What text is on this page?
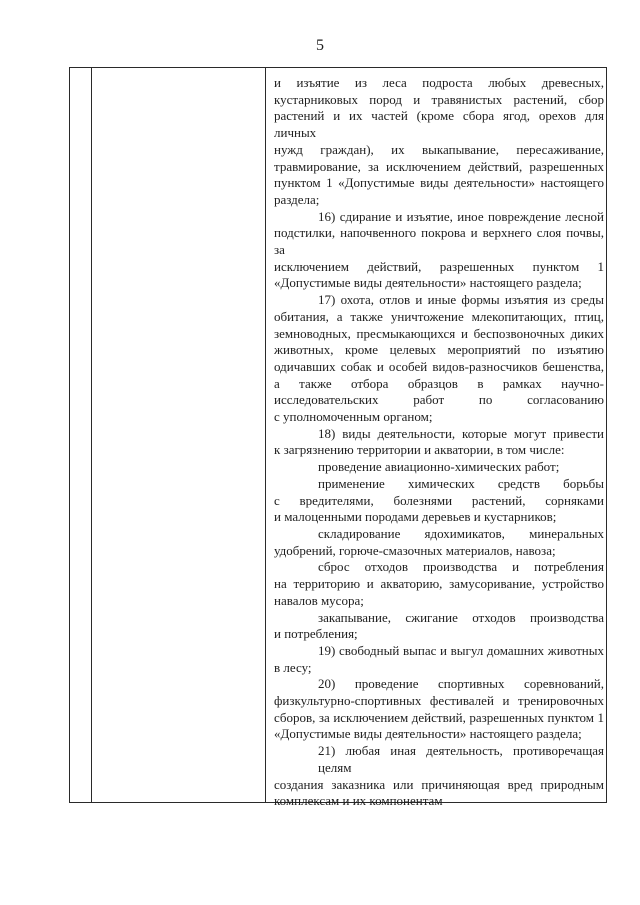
5
и изъятие из леса подроста любых древесных,
кустарниковых пород и травянистых растений, сбор
растений и их частей (кроме сбора ягод, орехов для личных
нужд граждан), их выкапывание, пересаживание,
травмирование, за исключением действий, разрешенных
пунктом 1 «Допустимые виды деятельности» настоящего
раздела;
16) сдирание и изъятие, иное повреждение лесной
подстилки, напочвенного покрова и верхнего слоя почвы, за
исключением действий, разрешенных пунктом 1
«Допустимые виды деятельности» настоящего раздела;
17) охота, отлов и иные формы изъятия из среды
обитания, а также уничтожение млекопитающих, птиц,
земноводных, пресмыкающихся и беспозвоночных диких
животных, кроме целевых мероприятий по изъятию
одичавших собак и особей видов-разносчиков бешенства,
а также отбора образцов в рамках научно-
исследовательских работ по согласованию
с уполномоченным органом;
18) виды деятельности, которые могут привести
к загрязнению территории и акватории, в том числе:
проведение авиационно-химических работ;
применение химических средств борьбы
с вредителями, болезнями растений, сорняками
и малоценными породами деревьев и кустарников;
складирование ядохимикатов, минеральных
удобрений, горюче-смазочных материалов, навоза;
сброс отходов производства и потребления
на территорию и акваторию, замусоривание, устройство
навалов мусора;
закапывание, сжигание отходов производства
и потребления;
19) свободный выпас и выгул домашних животных
в лесу;
20) проведение спортивных соревнований,
физкультурно-спортивных фестивалей и тренировочных
сборов, за исключением действий, разрешенных пунктом 1
«Допустимые виды деятельности» настоящего раздела;
21) любая иная деятельность, противоречащая целям
создания заказника или причиняющая вред природным
комплексам и их компонентам
